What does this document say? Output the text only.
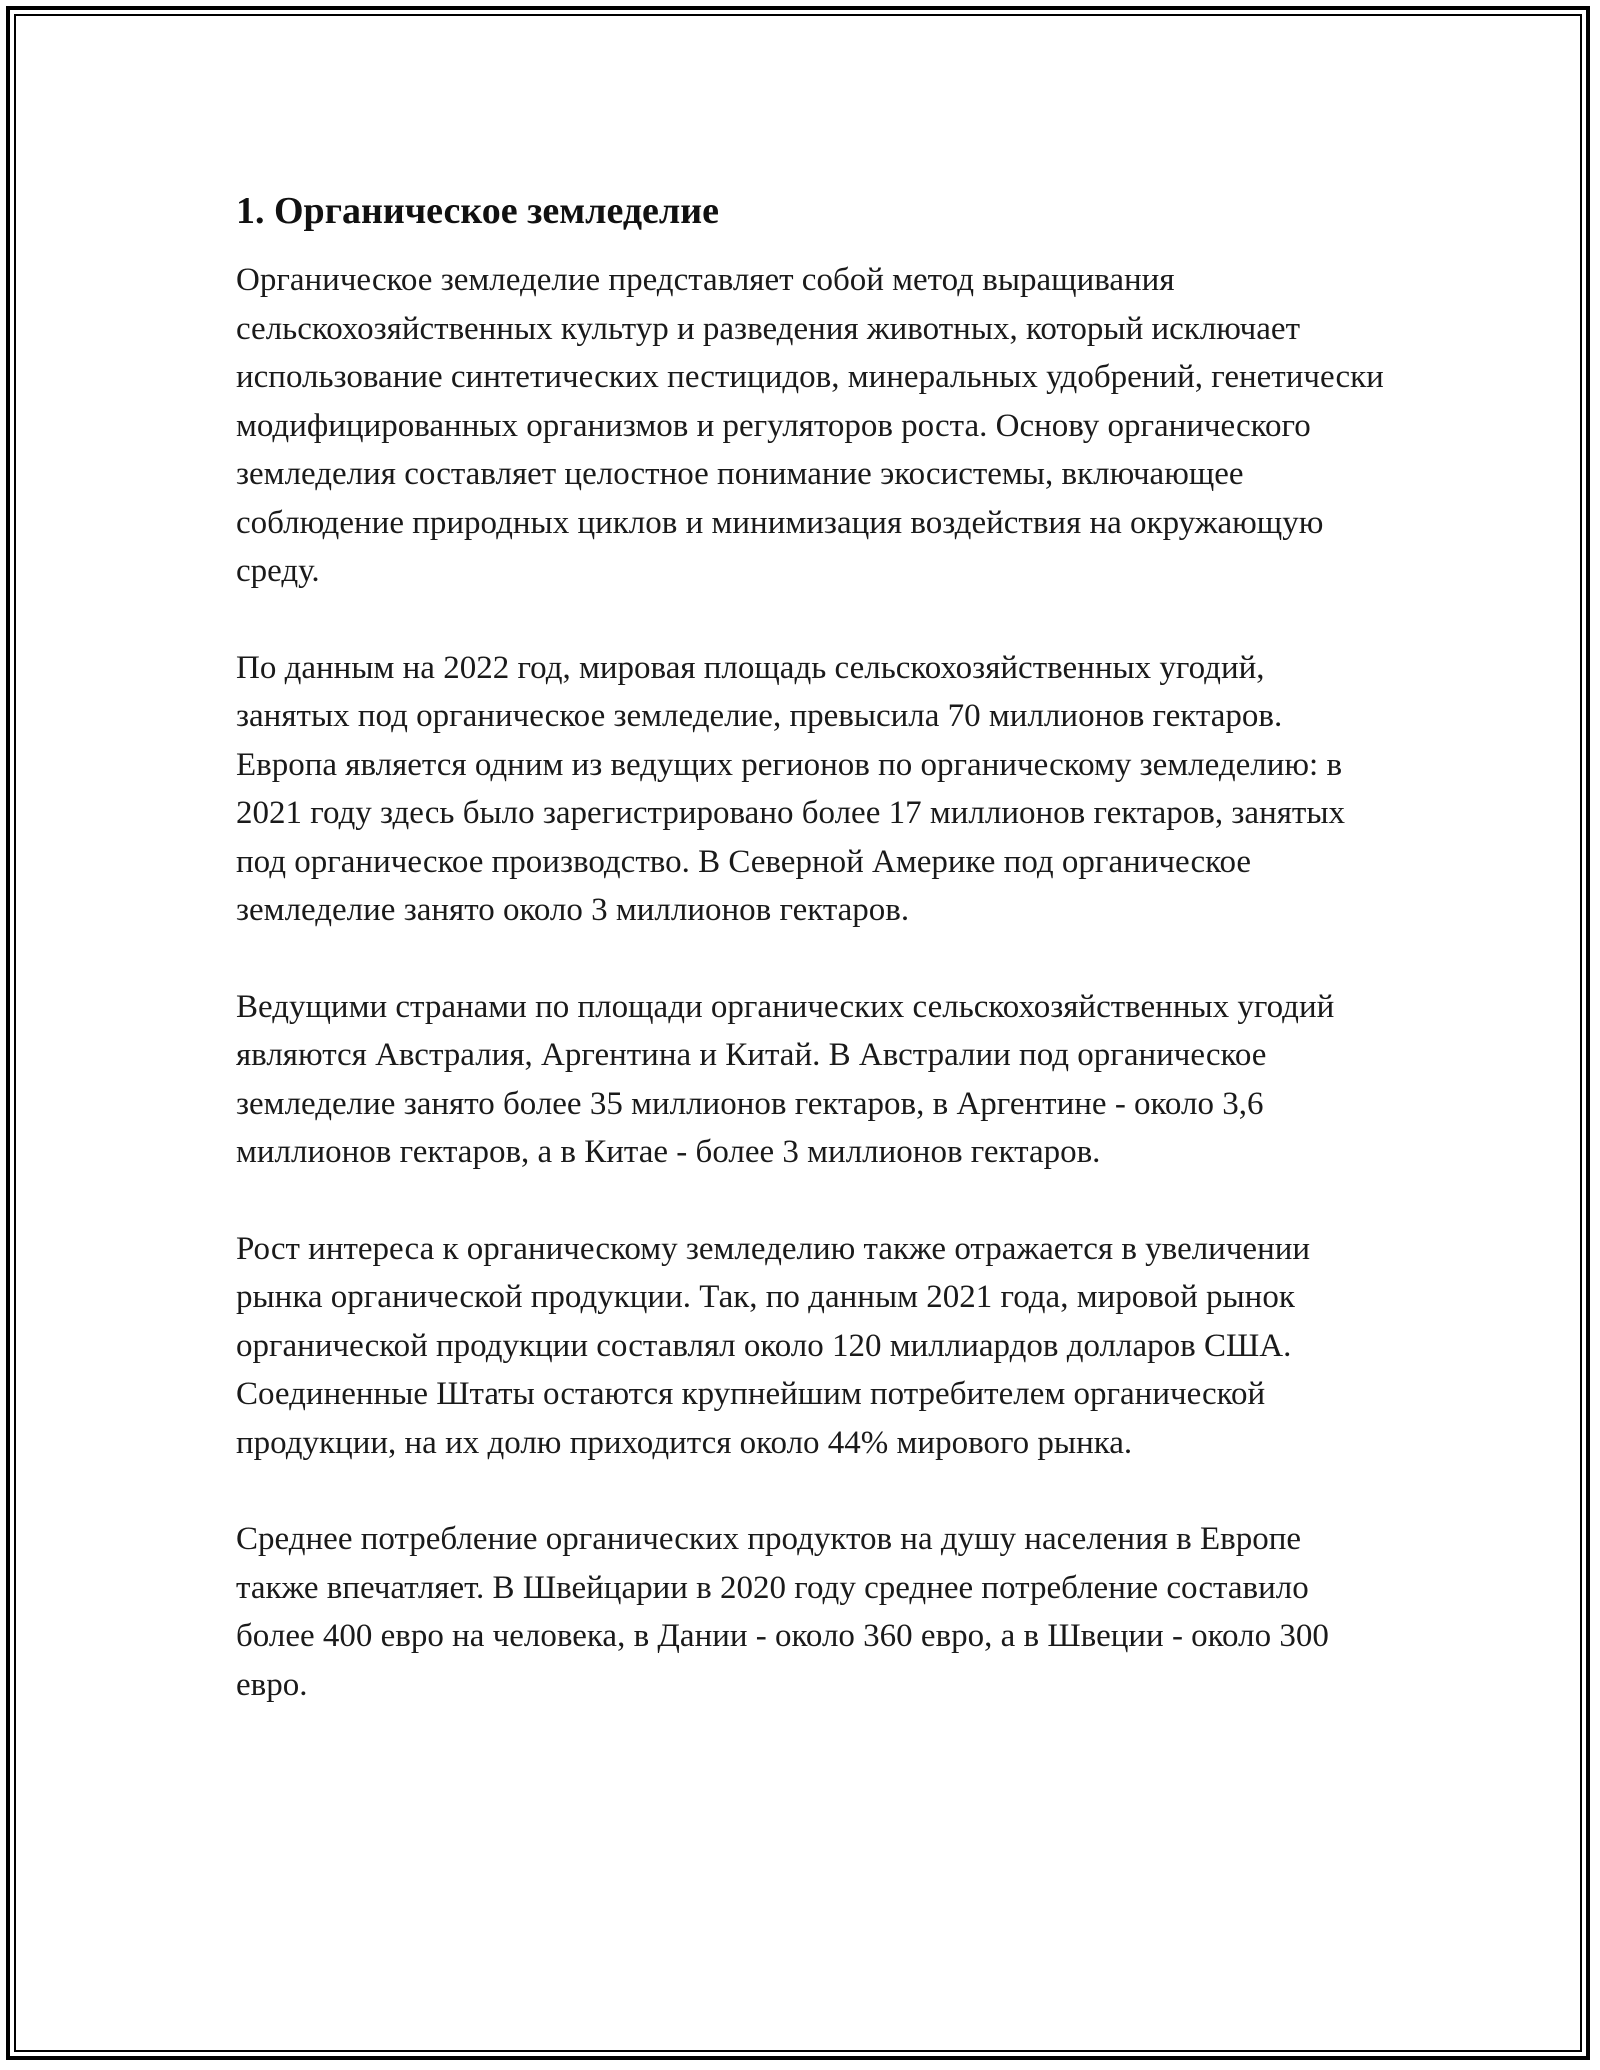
1. Органическое земледелие

Органическое земледелие представляет собой метод выращивания сельскохозяйственных культур и разведения животных, который исключает использование синтетических пестицидов, минеральных удобрений, генетически модифицированных организмов и регуляторов роста. Основу органического земледелия составляет целостное понимание экосистемы, включающее соблюдение природных циклов и минимизация воздействия на окружающую среду.

По данным на 2022 год, мировая площадь сельскохозяйственных угодий, занятых под органическое земледелие, превысила 70 миллионов гектаров. Европа является одним из ведущих регионов по органическому земледелию: в 2021 году здесь было зарегистрировано более 17 миллионов гектаров, занятых под органическое производство. В Северной Америке под органическое земледелие занято около 3 миллионов гектаров.

Ведущими странами по площади органических сельскохозяйственных угодий являются Австралия, Аргентина и Китай. В Австралии под органическое земледелие занято более 35 миллионов гектаров, в Аргентине - около 3,6 миллионов гектаров, а в Китае - более 3 миллионов гектаров.

Рост интереса к органическому земледелию также отражается в увеличении рынка органической продукции. Так, по данным 2021 года, мировой рынок органической продукции составлял около 120 миллиардов долларов США. Соединенные Штаты остаются крупнейшим потребителем органической продукции, на их долю приходится около 44% мирового рынка.

Среднее потребление органических продуктов на душу населения в Европе также впечатляет. В Швейцарии в 2020 году среднее потребление составило более 400 евро на человека, в Дании - около 360 евро, а в Швеции - около 300 евро.
